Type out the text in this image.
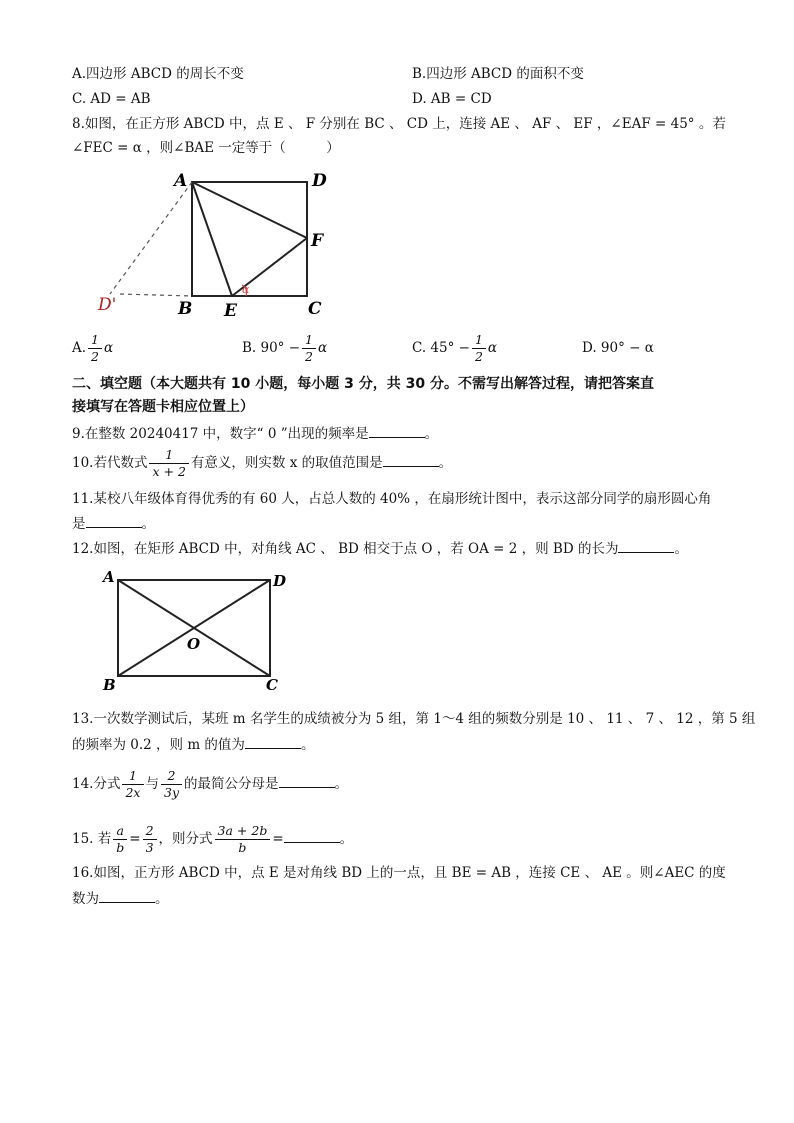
A.四边形 ABCD 的周长不变	B.四边形 ABCD 的面积不变
C. AD = AB	D. AB = CD
8.如图，在正方形 ABCD 中，点 E 、 F 分别在 BC 、 CD 上，连接 AE 、 AF 、 EF ，∠EAF = 45° 。若
∠FEC = α ，则∠BAE 一定等于（　　　）
α
A	D
F
B E	C
D'
A. $\frac{1}{2}$ α	B. $90^\circ - \frac{1}{2}$ α	C. $45^\circ - \frac{1}{2}$ α	D. 90° − α
二、填空题（本大题共有 10 小题，每小题 3 分，共 30 分。不需写出解答过程，请把答案直
接填写在答题卡相应位置上）
9.在整数 20240417 中，数字“ 0 ”出现的频率是	。
10.若代数式 $\frac{1}{x + 2}$ 有意义，则实数 x 的取值范围是	。
11.某校八年级体育得优秀的有 60 人，占总人数的 40% ，在扇形统计图中，表示这部分同学的扇形圆心角
是	。
12.如图，在矩形 ABCD 中，对角线 AC 、 BD 相交于点 O ，若 OA = 2 ，则 BD 的长为	。
A	D
O
B	C
13.一次数学测试后，某班 m 名学生的成绩被分为 5 组，第 1～4 组的频数分别是 10 、 11 、 7 、 12 ，第 5 组
的频率为 0.2 ，则 m 的值为	。
14.分式 $\frac{1}{2x}$ 与 $\frac{2}{3y}$ 的最简公分母是	。
15. 若 $\frac{a}{b} = \frac{2}{3}$ ，则分式 $\frac{3a + 2b}{b}$ =	。
16.如图，正方形 ABCD 中，点 E 是对角线 BD 上的一点，且 BE = AB ，连接 CE 、 AE 。则∠AEC 的度
数为	。
